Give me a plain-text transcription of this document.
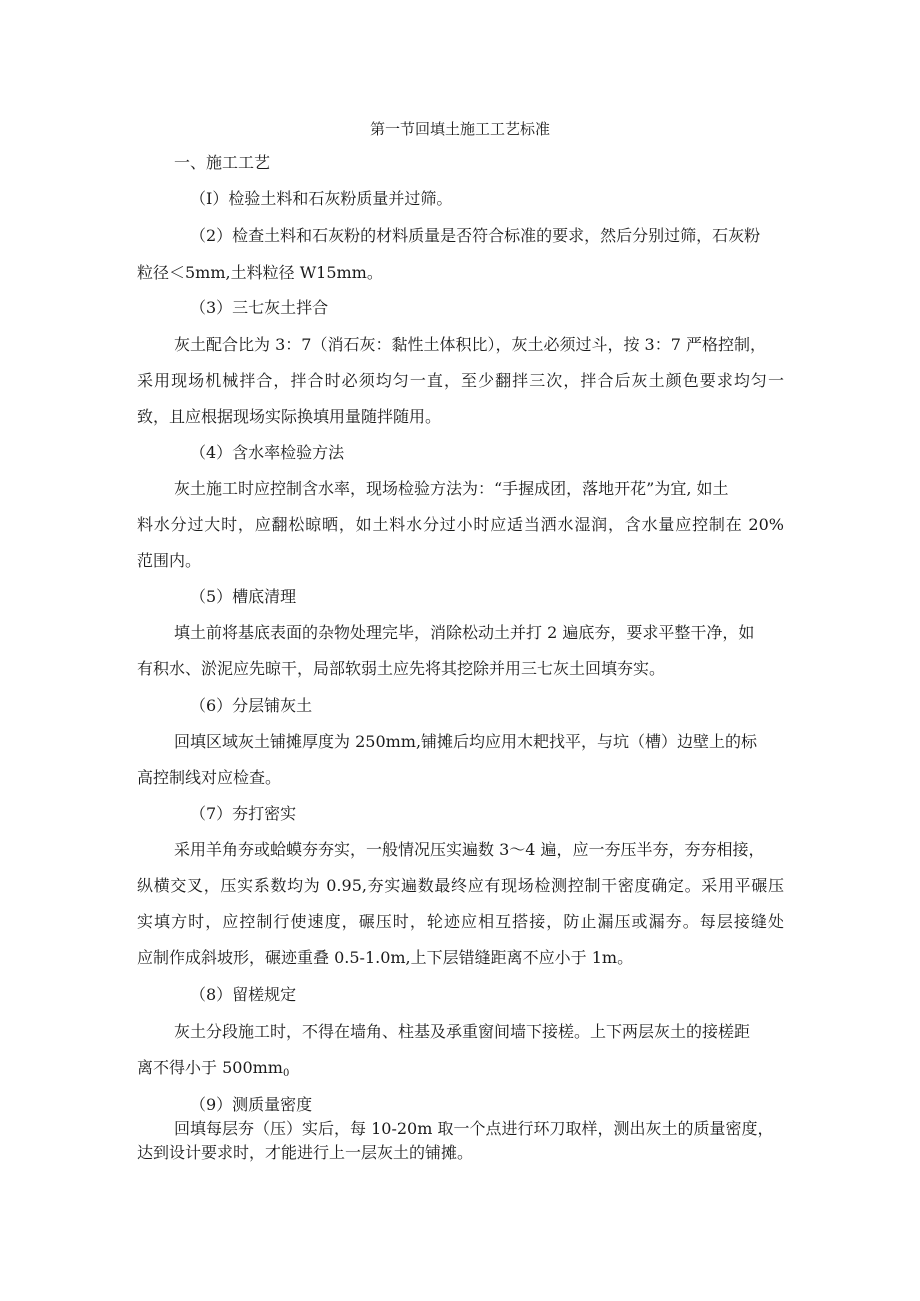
第一节回填土施工工艺标准
一、施工工艺
（I）检验土料和石灰粉质量并过筛。
（2）检查土料和石灰粉的材料质量是否符合标准的要求，然后分别过筛，石灰粉
粒径＜5mm,土料粒径 W15mm。
（3）三七灰土拌合
灰土配合比为 3：7（消石灰：黏性土体积比），灰土必须过斗，按 3：7 严格控制，
采用现场机械拌合，拌合时必须均匀一直，至少翻拌三次，拌合后灰土颜色要求均匀一
致，且应根据现场实际换填用量随拌随用。
（4）含水率检验方法
灰土施工时应控制含水率，现场检验方法为：“手握成团，落地开花”为宜, 如土
料水分过大时，应翻松晾晒，如土料水分过小时应适当洒水湿润，含水量应控制在 20%
范围内。
（5）槽底清理
填土前将基底表面的杂物处理完毕，消除松动土并打 2 遍底夯，要求平整干净，如
有积水、淤泥应先晾干，局部软弱土应先将其挖除并用三七灰土回填夯实。
（6）分层铺灰土
回填区域灰土铺摊厚度为 250mm,铺摊后均应用木耙找平，与坑（槽）边壁上的标
高控制线对应检查。
（7）夯打密实
采用羊角夯或蛤蟆夯夯实，一般情况压实遍数 3～4 遍，应一夯压半夯，夯夯相接，
纵横交叉，压实系数均为 0.95,夯实遍数最终应有现场检测控制干密度确定。采用平碾压
实填方时，应控制行使速度，碾压时，轮迹应相互搭接，防止漏压或漏夯。每层接缝处
应制作成斜坡形，碾迹重叠 0.5-1.0m,上下层错缝距离不应小于 1m。
（8）留槎规定
灰土分段施工时，不得在墙角、柱基及承重窗间墙下接槎。上下两层灰土的接槎距
离不得小于 $500mm_0$
（9）测质量密度
回填每层夯（压）实后，每 10-20m 取一个点进行环刀取样，测出灰土的质量密度，
达到设计要求时，才能进行上一层灰土的铺摊。
